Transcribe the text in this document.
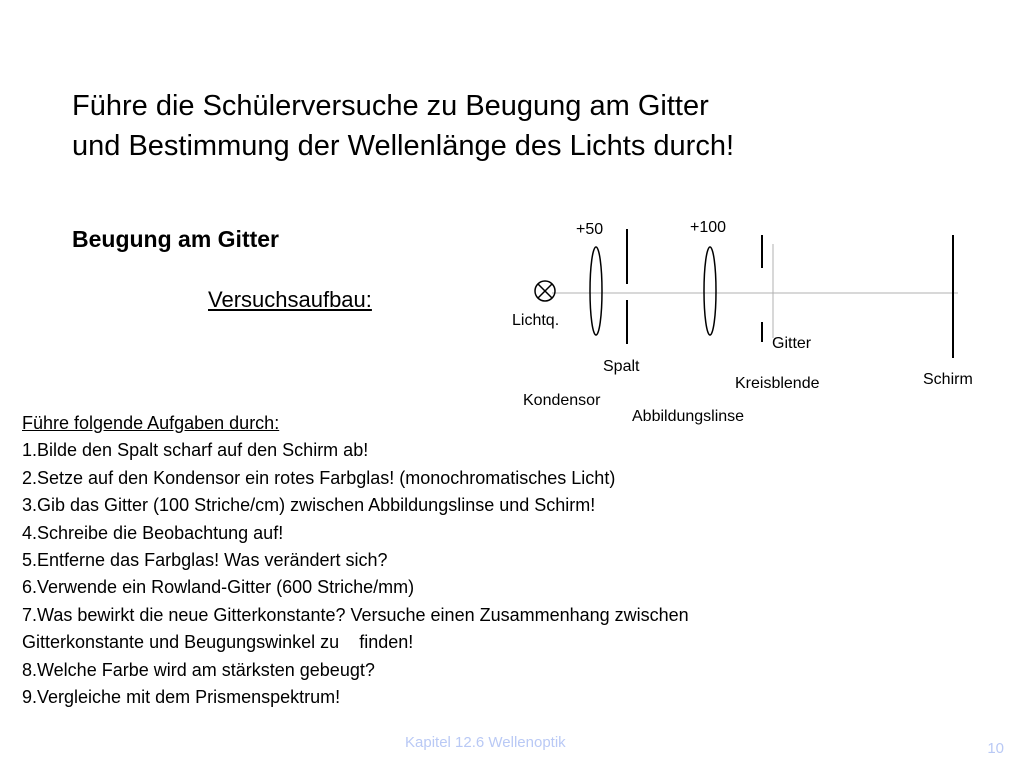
Führe die Schülerversuche zu Beugung am Gitter
und Bestimmung der Wellenlänge des Lichts durch!
Beugung am Gitter
Versuchsaufbau:
Lichtq.
+50
Kondensor
Spalt
+100
Abbildungslinse
Kreisblende
Gitter
Schirm
Führe folgende Aufgaben durch:
1.Bilde den Spalt scharf auf den Schirm ab!
2.Setze auf den Kondensor ein rotes Farbglas! (monochromatisches Licht)
3.Gib das Gitter (100 Striche/cm) zwischen Abbildungslinse und Schirm!
4.Schreibe die Beobachtung auf!
5.Entferne das Farbglas! Was verändert sich?
6.Verwende ein Rowland-Gitter (600 Striche/mm)
7.Was bewirkt die neue Gitterkonstante? Versuche einen Zusammenhang zwischen
Gitterkonstante und Beugungswinkel zu    finden!
8.Welche Farbe wird am stärksten gebeugt?
9.Vergleiche mit dem Prismenspektrum!
Kapitel 12.6 Wellenoptik	10
